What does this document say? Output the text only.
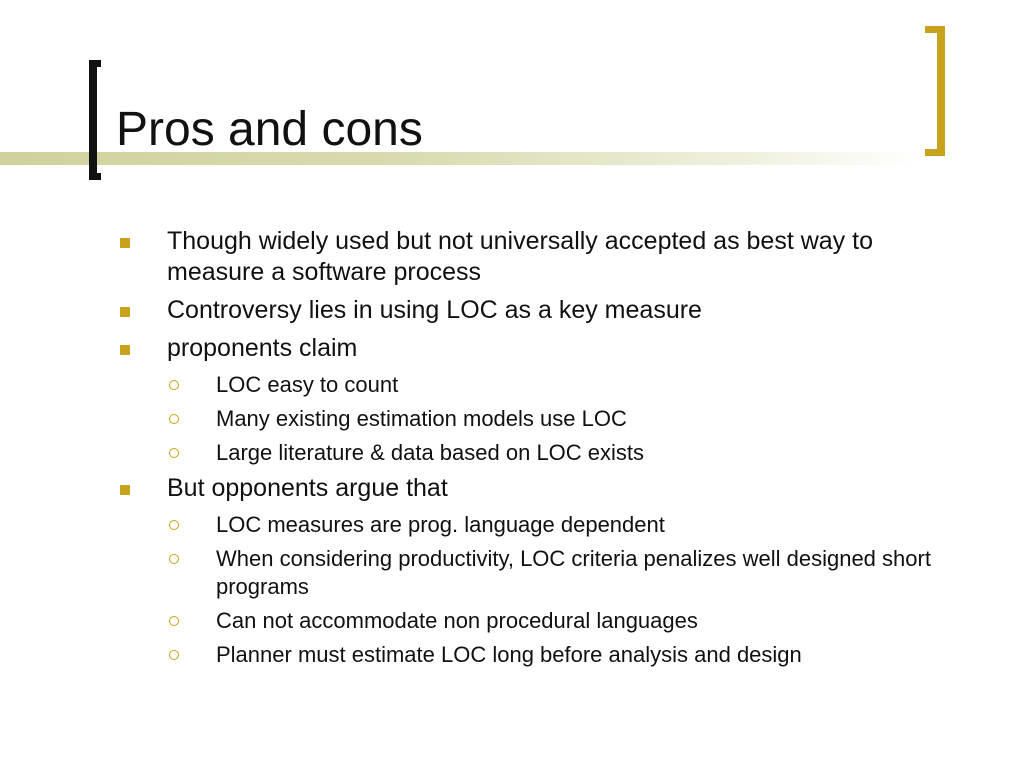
Pros and cons
Though widely used but not universally accepted as best way to measure a software process
Controversy lies in using LOC as a key measure
proponents claim
LOC easy to count
Many existing estimation models use LOC
Large literature & data based on LOC exists
But opponents argue that
LOC measures are prog. language dependent
When considering productivity, LOC criteria penalizes well designed short programs
Can not accommodate non procedural languages
Planner must estimate LOC long before analysis and design
